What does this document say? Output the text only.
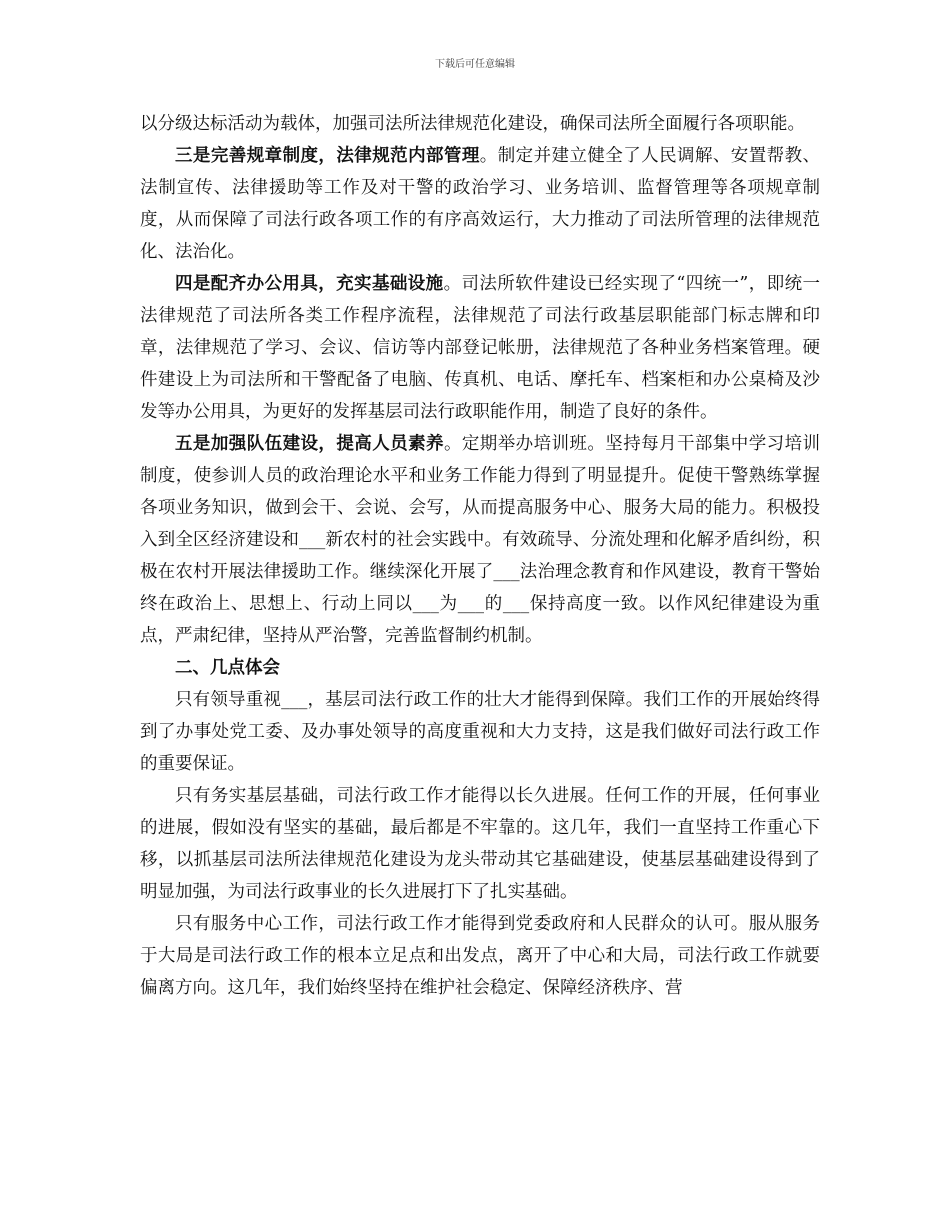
下载后可任意编辑

以分级达标活动为载体，加强司法所法律规范化建设，确保司法所全面履行各项职能。

三是完善规章制度，法律规范内部管理。制定并建立健全了人民调解、安置帮教、法制宣传、法律援助等工作及对干警的政治学习、业务培训、监督管理等各项规章制度，从而保障了司法行政各项工作的有序高效运行，大力推动了司法所管理的法律规范化、法治化。

四是配齐办公用具，充实基础设施。司法所软件建设已经实现了“四统一”，即统一法律规范了司法所各类工作程序流程，法律规范了司法行政基层职能部门标志牌和印章，法律规范了学习、会议、信访等内部登记帐册，法律规范了各种业务档案管理。硬件建设上为司法所和干警配备了电脑、传真机、电话、摩托车、档案柜和办公桌椅及沙发等办公用具，为更好的发挥基层司法行政职能作用，制造了良好的条件。

五是加强队伍建设，提高人员素养。定期举办培训班。坚持每月干部集中学习培训制度，使参训人员的政治理论水平和业务工作能力得到了明显提升。促使干警熟练掌握各项业务知识，做到会干、会说、会写，从而提高服务中心、服务大局的能力。积极投入到全区经济建设和___新农村的社会实践中。有效疏导、分流处理和化解矛盾纠纷，积极在农村开展法律援助工作。继续深化开展了___法治理念教育和作风建设，教育干警始终在政治上、思想上、行动上同以___为___的___保持高度一致。以作风纪律建设为重点，严肃纪律，坚持从严治警，完善监督制约机制。

二、几点体会

只有领导重视___，基层司法行政工作的壮大才能得到保障。我们工作的开展始终得到了办事处党工委、及办事处领导的高度重视和大力支持，这是我们做好司法行政工作的重要保证。

只有务实基层基础，司法行政工作才能得以长久进展。任何工作的开展，任何事业的进展，假如没有坚实的基础，最后都是不牢靠的。这几年，我们一直坚持工作重心下移，以抓基层司法所法律规范化建设为龙头带动其它基础建设，使基层基础建设得到了明显加强，为司法行政事业的长久进展打下了扎实基础。

只有服务中心工作，司法行政工作才能得到党委政府和人民群众的认可。服从服务于大局是司法行政工作的根本立足点和出发点，离开了中心和大局，司法行政工作就要偏离方向。这几年，我们始终坚持在维护社会稳定、保障经济秩序、营
